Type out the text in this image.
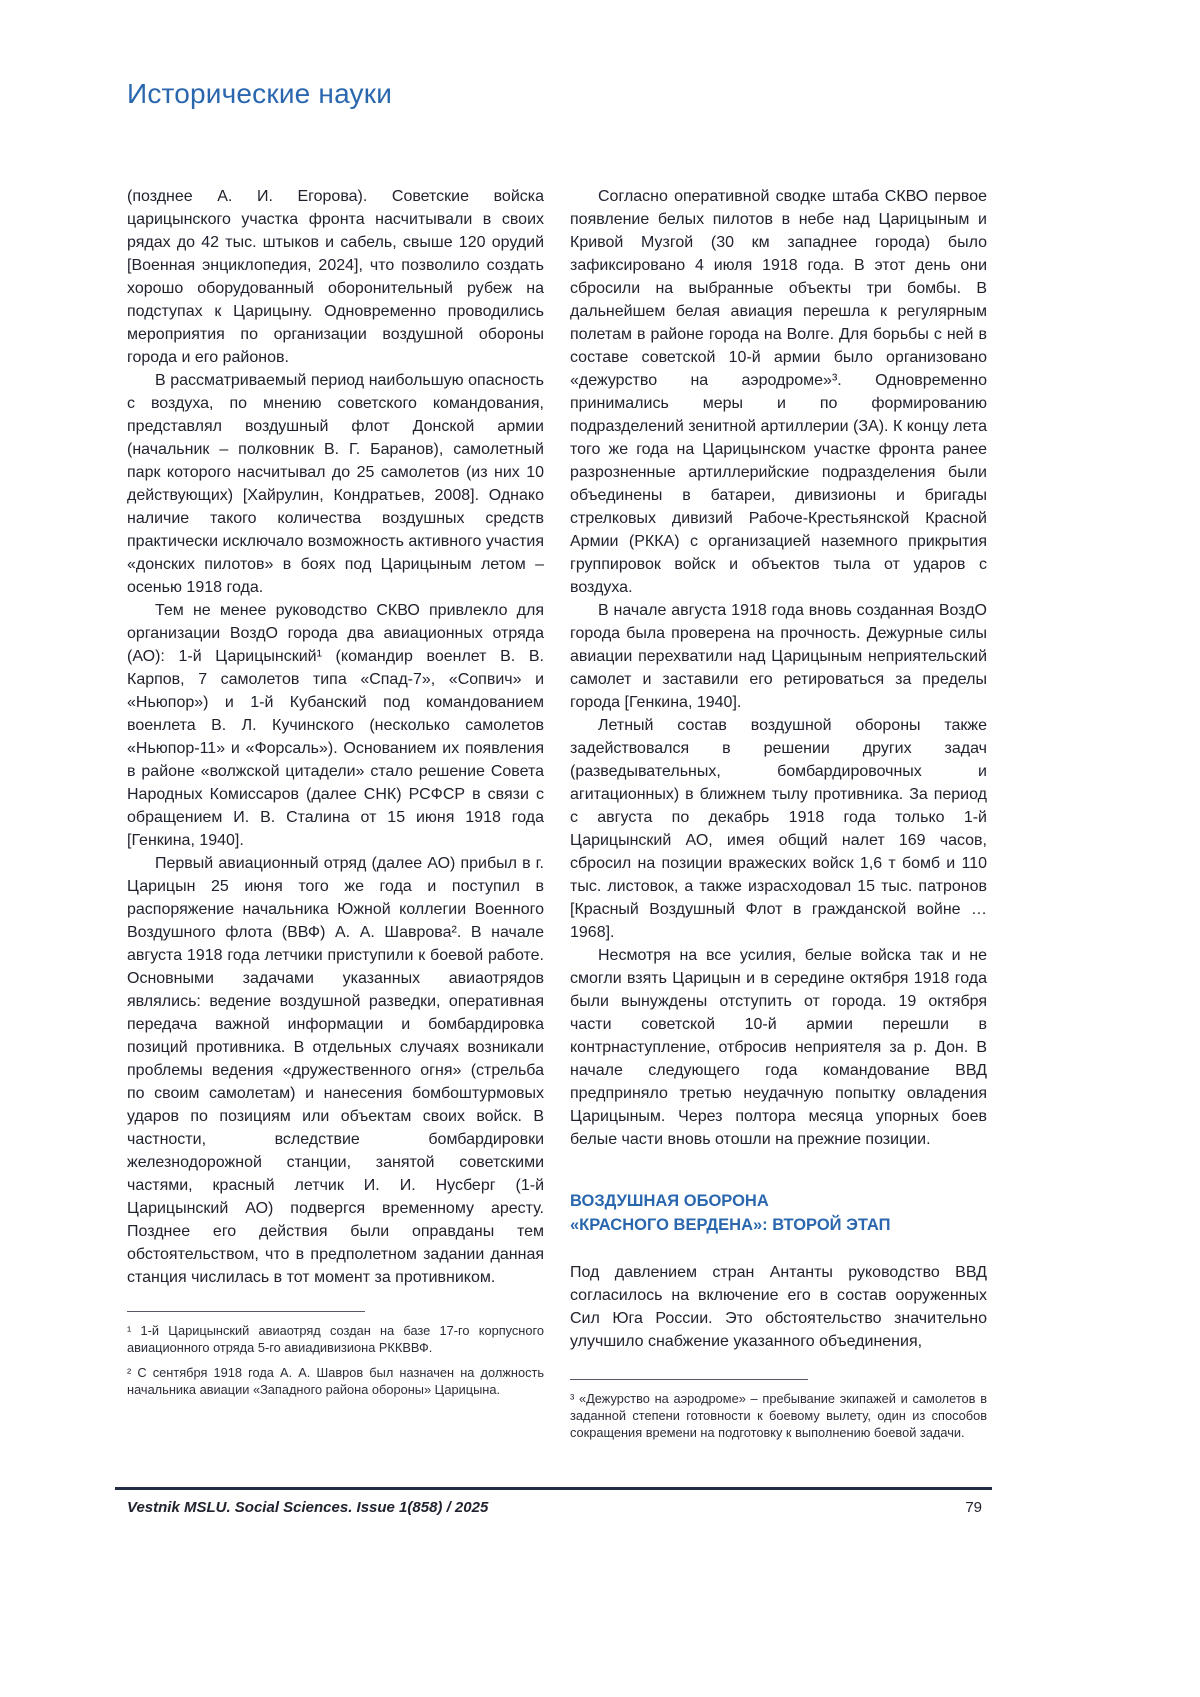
Исторические науки

(позднее А. И. Егорова). Советские войска царицынского участка фронта насчитывали в своих рядах до 42 тыс. штыков и сабель, свыше 120 орудий [Военная энциклопедия, 2024], что позволило создать хорошо оборудованный оборонительный рубеж на подступах к Царицыну. Одновременно проводились мероприятия по организации воздушной обороны города и его районов.

В рассматриваемый период наибольшую опасность с воздуха, по мнению советского командования, представлял воздушный флот Донской армии (начальник – полковник В. Г. Баранов), самолетный парк которого насчитывал до 25 самолетов (из них 10 действующих) [Хайрулин, Кондратьев, 2008]. Однако наличие такого количества воздушных средств практически исключало возможность активного участия «донских пилотов» в боях под Царицыным летом – осенью 1918 года.

Тем не менее руководство СКВО привлекло для организации ВоздО города два авиационных отряда (АО): 1-й Царицынский¹ (командир военлет В. В. Карпов, 7 самолетов типа «Спад-7», «Сопвич» и «Ньюпор») и 1-й Кубанский под командованием военлета В. Л. Кучинского (несколько самолетов «Ньюпор-11» и «Форсаль»). Основанием их появления в районе «волжской цитадели» стало решение Совета Народных Комиссаров (далее СНК) РСФСР в связи с обращением И. В. Сталина от 15 июня 1918 года [Генкина, 1940].

Первый авиационный отряд (далее АО) прибыл в г. Царицын 25 июня того же года и поступил в распоряжение начальника Южной коллегии Военного Воздушного флота (ВВФ) А. А. Шаврова². В начале августа 1918 года летчики приступили к боевой работе. Основными задачами указанных авиаотрядов являлись: ведение воздушной разведки, оперативная передача важной информации и бомбардировка позиций противника. В отдельных случаях возникали проблемы ведения «дружественного огня» (стрельба по своим самолетам) и нанесения бомбоштурмовых ударов по позициям или объектам своих войск. В частности, вследствие бомбардировки железнодорожной станции, занятой советскими частями, красный летчик И. И. Нусберг (1-й Царицынский АО) подвергся временному аресту. Позднее его действия были оправданы тем обстоятельством, что в предполетном задании данная станция числилась в тот момент за противником.

¹ 1-й Царицынский авиаотряд создан на базе 17-го корпусного авиационного отряда 5-го авиадивизиона РККВВФ.

² С сентября 1918 года А. А. Шавров был назначен на должность начальника авиации «Западного района обороны» Царицына.

Согласно оперативной сводке штаба СКВО первое появление белых пилотов в небе над Царицыным и Кривой Музгой (30 км западнее города) было зафиксировано 4 июля 1918 года. В этот день они сбросили на выбранные объекты три бомбы. В дальнейшем белая авиация перешла к регулярным полетам в районе города на Волге. Для борьбы с ней в составе советской 10-й армии было организовано «дежурство на аэродроме»³. Одновременно принимались меры и по формированию подразделений зенитной артиллерии (ЗА). К концу лета того же года на Царицынском участке фронта ранее разрозненные артиллерийские подразделения были объединены в батареи, дивизионы и бригады стрелковых дивизий Рабоче-Крестьянской Красной Армии (РККА) с организацией наземного прикрытия группировок войск и объектов тыла от ударов с воздуха.

В начале августа 1918 года вновь созданная ВоздО города была проверена на прочность. Дежурные силы авиации перехватили над Царицыным неприятельский самолет и заставили его ретироваться за пределы города [Генкина, 1940].

Летный состав воздушной обороны также задействовался в решении других задач (разведывательных, бомбардировочных и агитационных) в ближнем тылу противника. За период с августа по декабрь 1918 года только 1-й Царицынский АО, имея общий налет 169 часов, сбросил на позиции вражеских войск 1,6 т бомб и 110 тыс. листовок, а также израсходовал 15 тыс. патронов [Красный Воздушный Флот в гражданской войне … 1968].

Несмотря на все усилия, белые войска так и не смогли взять Царицын и в середине октября 1918 года были вынуждены отступить от города. 19 октября части советской 10-й армии перешли в контрнаступление, отбросив неприятеля за р. Дон. В начале следующего года командование ВВД предприняло третью неудачную попытку овладения Царицыным. Через полтора месяца упорных боев белые части вновь отошли на прежние позиции.

ВОЗДУШНАЯ ОБОРОНА
«КРАСНОГО ВЕРДЕНА»: ВТОРОЙ ЭТАП

Под давлением стран Антанты руководство ВВД согласилось на включение его в состав ооруженных Сил Юга России. Это обстоятельство значительно улучшило снабжение указанного объединения,

³ «Дежурство на аэродроме» – пребывание экипажей и самолетов в заданной степени готовности к боевому вылету, один из способов сокращения времени на подготовку к выполнению боевой задачи.

Vestnik MSLU. Social Sciences. Issue 1(858) / 2025	79
